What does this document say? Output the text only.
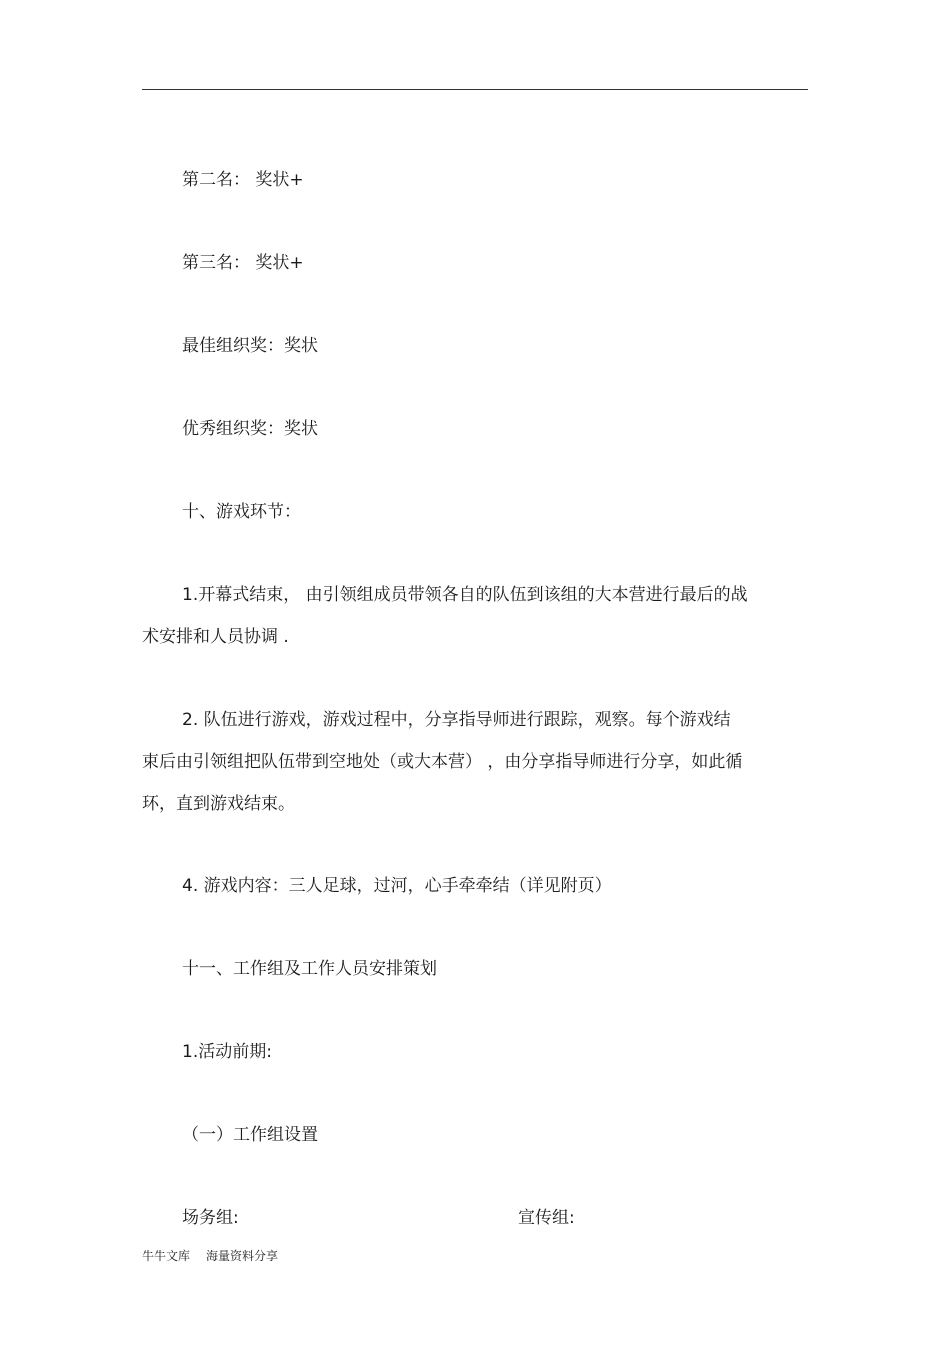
第二名： 奖状+

第三名： 奖状+

最佳组织奖：奖状

优秀组织奖：奖状

十、游戏环节：

1.开幕式结束， 由引领组成员带领各自的队伍到该组的大本营进行最后的战

术安排和人员协调 .

2. 队伍进行游戏，游戏过程中，分享指导师进行跟踪，观察。每个游戏结

束后由引领组把队伍带到空地处（或大本营） ，由分享指导师进行分享，如此循

环，直到游戏结束。

4. 游戏内容：三人足球，过河，心手牵牵结（详见附页）

十一、工作组及工作人员安排策划

1.活动前期:

（一）工作组设置

场务组:	宣传组:

牛牛文库 海量资料分享
